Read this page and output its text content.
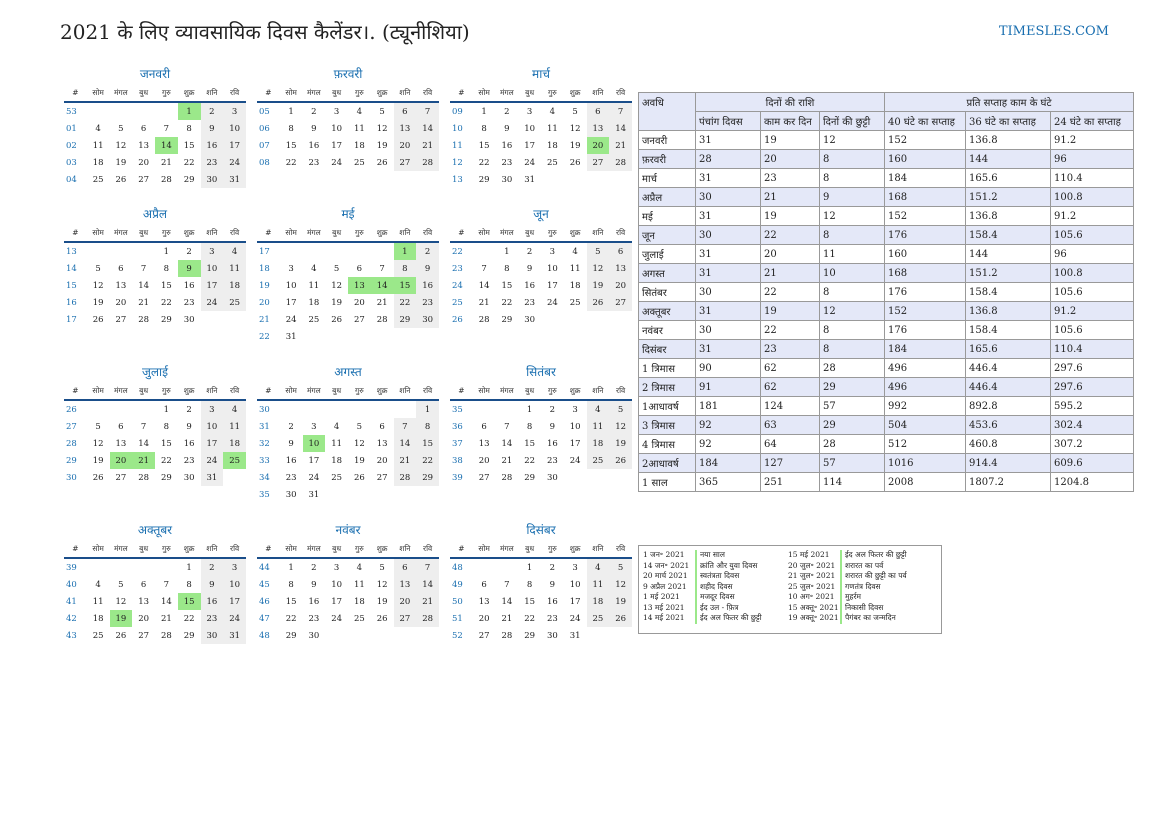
2021 के लिए व्यावसायिक दिवस कैलेंडर।. (ट्यूनीशिया)	TIMESLES.COM
जनवरी
#	सोम	मंगल	बुध	गुरु	शुक्र	शनि	रवि
53					1	2	3
01	4	5	6	7	8	9	10
02	11	12	13	14	15	16	17
03	18	19	20	21	22	23	24
04	25	26	27	28	29	30	31
फ़रवरी
#	सोम	मंगल	बुध	गुरु	शुक्र	शनि	रवि
05	1	2	3	4	5	6	7
06	8	9	10	11	12	13	14
07	15	16	17	18	19	20	21
08	22	23	24	25	26	27	28
मार्च
#	सोम	मंगल	बुध	गुरु	शुक्र	शनि	रवि
09	1	2	3	4	5	6	7
10	8	9	10	11	12	13	14
11	15	16	17	18	19	20	21
12	22	23	24	25	26	27	28
13	29	30	31				
अप्रैल
#	सोम	मंगल	बुध	गुरु	शुक्र	शनि	रवि
13				1	2	3	4
14	5	6	7	8	9	10	11
15	12	13	14	15	16	17	18
16	19	20	21	22	23	24	25
17	26	27	28	29	30		
मई
#	सोम	मंगल	बुध	गुरु	शुक्र	शनि	रवि
17						1	2
18	3	4	5	6	7	8	9
19	10	11	12	13	14	15	16
20	17	18	19	20	21	22	23
21	24	25	26	27	28	29	30
22	31						
जून
#	सोम	मंगल	बुध	गुरु	शुक्र	शनि	रवि
22		1	2	3	4	5	6
23	7	8	9	10	11	12	13
24	14	15	16	17	18	19	20
25	21	22	23	24	25	26	27
26	28	29	30				
जुलाई
#	सोम	मंगल	बुध	गुरु	शुक्र	शनि	रवि
26				1	2	3	4
27	5	6	7	8	9	10	11
28	12	13	14	15	16	17	18
29	19	20	21	22	23	24	25
30	26	27	28	29	30	31	
अगस्त
#	सोम	मंगल	बुध	गुरु	शुक्र	शनि	रवि
30							1
31	2	3	4	5	6	7	8
32	9	10	11	12	13	14	15
33	16	17	18	19	20	21	22
34	23	24	25	26	27	28	29
35	30	31					
सितंबर
#	सोम	मंगल	बुध	गुरु	शुक्र	शनि	रवि
35			1	2	3	4	5
36	6	7	8	9	10	11	12
37	13	14	15	16	17	18	19
38	20	21	22	23	24	25	26
39	27	28	29	30			
अक्तूबर
#	सोम	मंगल	बुध	गुरु	शुक्र	शनि	रवि
39					1	2	3
40	4	5	6	7	8	9	10
41	11	12	13	14	15	16	17
42	18	19	20	21	22	23	24
43	25	26	27	28	29	30	31
नवंबर
#	सोम	मंगल	बुध	गुरु	शुक्र	शनि	रवि
44	1	2	3	4	5	6	7
45	8	9	10	11	12	13	14
46	15	16	17	18	19	20	21
47	22	23	24	25	26	27	28
48	29	30					
दिसंबर
#	सोम	मंगल	बुध	गुरु	शुक्र	शनि	रवि
48			1	2	3	4	5
49	6	7	8	9	10	11	12
50	13	14	15	16	17	18	19
51	20	21	22	23	24	25	26
52	27	28	29	30	31		
अवधि	दिनों की राशि			प्रति सप्ताह काम के घंटे		
	पंचांग दिवस	काम कर दिन	दिनों की छुट्टी	40 घंटे का सप्ताह	36 घंटे का सप्ताह	24 घंटे का सप्ताह
जनवरी	31	19	12	152	136.8	91.2
फ़रवरी	28	20	8	160	144	96
मार्च	31	23	8	184	165.6	110.4
अप्रैल	30	21	9	168	151.2	100.8
मई	31	19	12	152	136.8	91.2
जून	30	22	8	176	158.4	105.6
जुलाई	31	20	11	160	144	96
अगस्त	31	21	10	168	151.2	100.8
सितंबर	30	22	8	176	158.4	105.6
अक्तूबर	31	19	12	152	136.8	91.2
नवंबर	30	22	8	176	158.4	105.6
दिसंबर	31	23	8	184	165.6	110.4
1 त्रिमास	90	62	28	496	446.4	297.6
2 त्रिमास	91	62	29	496	446.4	297.6
1आधावर्ष	181	124	57	992	892.8	595.2
3 त्रिमास	92	63	29	504	453.6	302.4
4 त्रिमास	92	64	28	512	460.8	307.2
2आधावर्ष	184	127	57	1016	914.4	609.6
1 साल	365	251	114	2008	1807.2	1204.8
1 जन॰ 2021	नया साल	15 मई 2021	ईद अल फितर की छुट्टी
14 जन॰ 2021	क्रांति और युवा दिवस	20 जुल॰ 2021	शरारत का पर्व
20 मार्च 2021	स्वतंत्रता दिवस	21 जुल॰ 2021	शरारत की छुट्टी का पर्व
9 अप्रैल 2021	शहीद दिवस	25 जुल॰ 2021	गणतंत्र दिवस
1 मई 2021	मजदूर दिवस	10 अग॰ 2021	मुहर्रम
13 मई 2021	ईद उल - फ़ित्र	15 अक्तू॰ 2021 निकासी दिवस
14 मई 2021	ईद अल फितर की छुट्टी	19 अक्तू॰ 2021 पैगंबर का जन्मदिन
